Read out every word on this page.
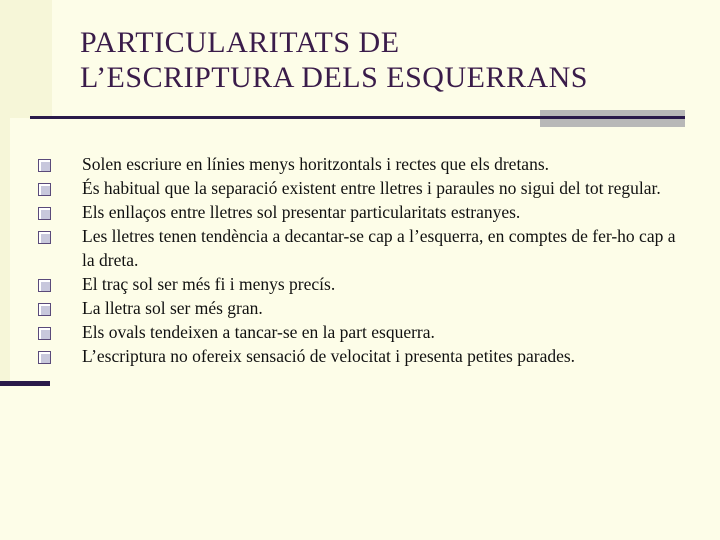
PARTICULARITATS DE
L’ESCRIPTURA DELS ESQUERRANS
Solen escriure en línies menys horitzontals i rectes que els dretans.
És habitual que la separació existent entre lletres i paraules no sigui del tot regular.
Els enllaços entre lletres sol presentar particularitats estranyes.
Les lletres tenen tendència a decantar-se cap a l’esquerra, en comptes de fer-ho cap a la dreta.
El traç sol ser més fi i menys precís.
La lletra sol ser més gran.
Els ovals tendeixen a tancar-se en la part esquerra.
L’escriptura no ofereix sensació de velocitat i presenta petites parades.
